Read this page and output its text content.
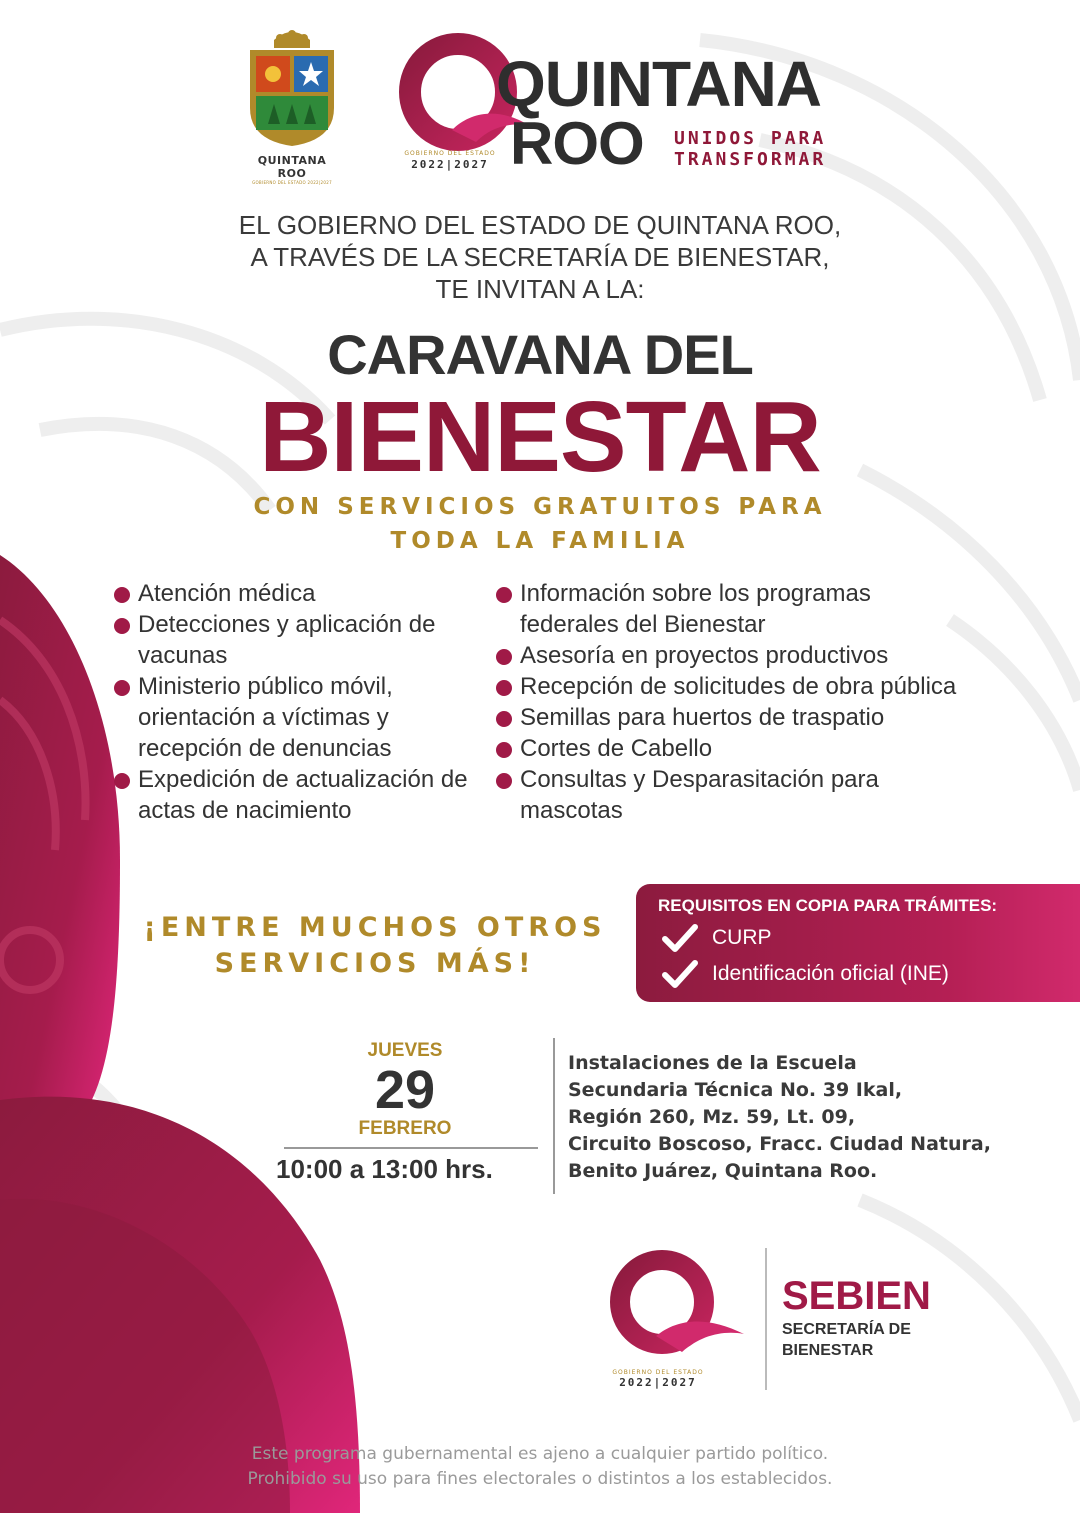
QUINTANA ROO
GOBIERNO DEL ESTADO 2022|2027
QUINTANA
ROO UNIDOS PARA
TRANSFORMAR
GOBIERNO DEL ESTADO
2022|2027
EL GOBIERNO DEL ESTADO DE QUINTANA ROO,
A TRAVÉS DE LA SECRETARÍA DE BIENESTAR,
TE INVITAN A LA:
CARAVANA DEL
BIENESTAR
CON SERVICIOS GRATUITOS PARA
TODA LA FAMILIA
Atención médica
Detecciones y aplicación de vacunas
Ministerio público móvil, orientación a víctimas y recepción de denuncias
Expedición de actualización de actas de nacimiento
Información sobre los programas federales del Bienestar
Asesoría en proyectos productivos
Recepción de solicitudes de obra pública
Semillas para huertos de traspatio
Cortes de Cabello
Consultas y Desparasitación para mascotas
¡ENTRE MUCHOS OTROS
SERVICIOS MÁS!
REQUISITOS EN COPIA PARA TRÁMITES:
CURP
Identificación oficial (INE)
JUEVES
29
FEBRERO
10:00 a 13:00 hrs.
Instalaciones de la Escuela
Secundaria Técnica No. 39 Ikal,
Región 260, Mz. 59, Lt. 09,
Circuito Boscoso, Fracc. Ciudad Natura,
Benito Juárez, Quintana Roo.
GOBIERNO DEL ESTADO
2022|2027
SEBIEN
SECRETARÍA DE
BIENESTAR
Este programa gubernamental es ajeno a cualquier partido político.
Prohibido su uso para fines electorales o distintos a los establecidos.
